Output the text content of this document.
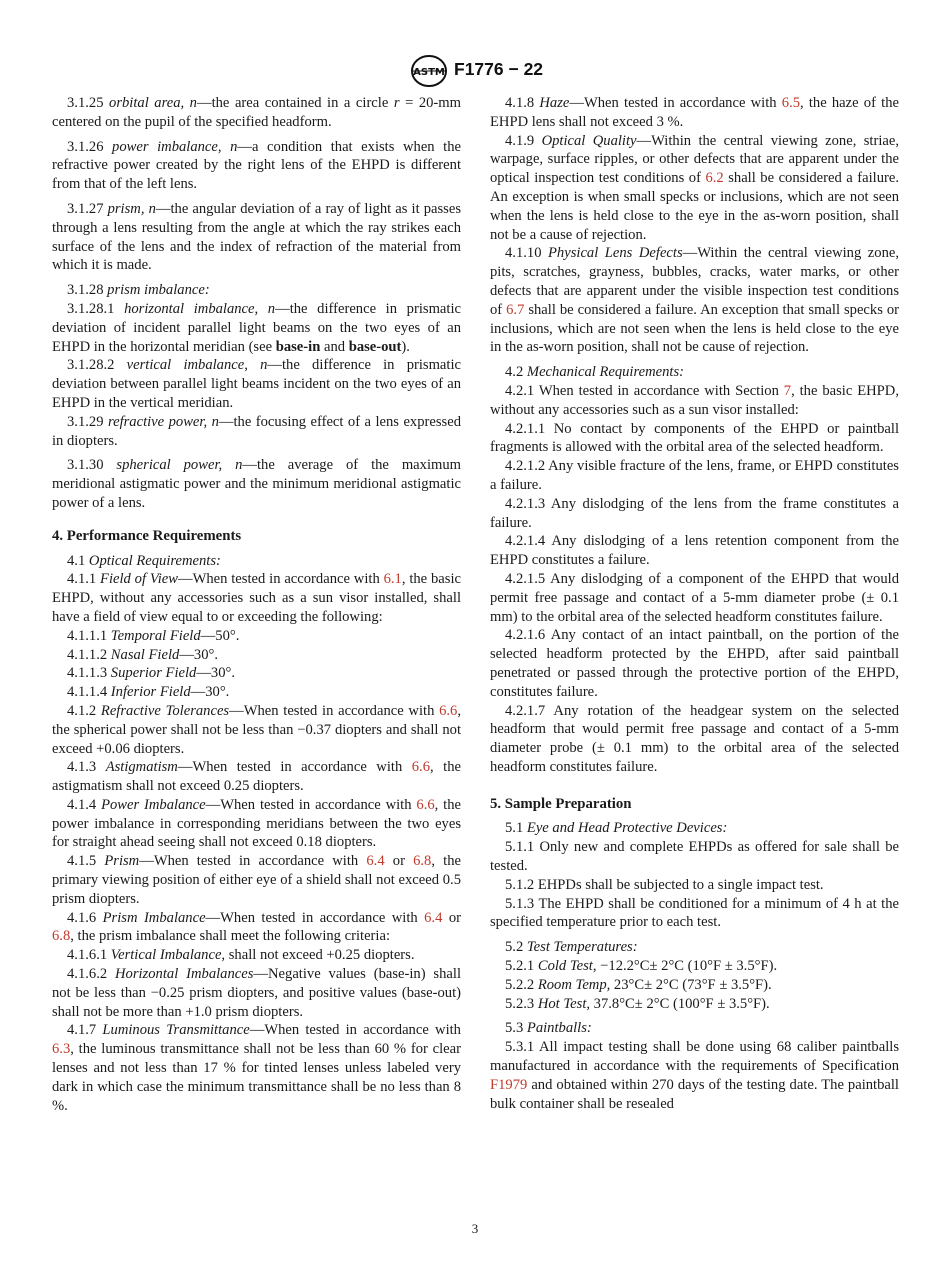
ASTM F1776 − 22

3.1.25 orbital area, n—the area contained in a circle r = 20-mm centered on the pupil of the specified headform.

3.1.26 power imbalance, n—a condition that exists when the refractive power created by the right lens of the EHPD is different from that of the left lens.

3.1.27 prism, n—the angular deviation of a ray of light as it passes through a lens resulting from the angle at which the ray strikes each surface of the lens and the index of refraction of the material from which it is made.

3.1.28 prism imbalance:

3.1.28.1 horizontal imbalance, n—the difference in prismatic deviation of incident parallel light beams on the two eyes of an EHPD in the horizontal meridian (see base-in and base-out).

3.1.28.2 vertical imbalance, n—the difference in prismatic deviation between parallel light beams incident on the two eyes of an EHPD in the vertical meridian.

3.1.29 refractive power, n—the focusing effect of a lens expressed in diopters.

3.1.30 spherical power, n—the average of the maximum meridional astigmatic power and the minimum meridional astigmatic power of a lens.

4. Performance Requirements

4.1 Optical Requirements:

4.1.1 Field of View—When tested in accordance with 6.1, the basic EHPD, without any accessories such as a sun visor installed, shall have a field of view equal to or exceeding the following:

4.1.1.1 Temporal Field—50°.

4.1.1.2 Nasal Field—30°.

4.1.1.3 Superior Field—30°.

4.1.1.4 Inferior Field—30°.

4.1.2 Refractive Tolerances—When tested in accordance with 6.6, the spherical power shall not be less than −0.37 diopters and shall not exceed +0.06 diopters.

4.1.3 Astigmatism—When tested in accordance with 6.6, the astigmatism shall not exceed 0.25 diopters.

4.1.4 Power Imbalance—When tested in accordance with 6.6, the power imbalance in corresponding meridians between the two eyes for straight ahead seeing shall not exceed 0.18 diopters.

4.1.5 Prism—When tested in accordance with 6.4 or 6.8, the primary viewing position of either eye of a shield shall not exceed 0.5 prism diopters.

4.1.6 Prism Imbalance—When tested in accordance with 6.4 or 6.8, the prism imbalance shall meet the following criteria:

4.1.6.1 Vertical Imbalance, shall not exceed +0.25 diopters.

4.1.6.2 Horizontal Imbalances—Negative values (base-in) shall not be less than −0.25 prism diopters, and positive values (base-out) shall not be more than +1.0 prism diopters.

4.1.7 Luminous Transmittance—When tested in accordance with 6.3, the luminous transmittance shall not be less than 60 % for clear lenses and not less than 17 % for tinted lenses unless labeled very dark in which case the minimum transmittance shall be no less than 8 %.

4.1.8 Haze—When tested in accordance with 6.5, the haze of the EHPD lens shall not exceed 3 %.

4.1.9 Optical Quality—Within the central viewing zone, striae, warpage, surface ripples, or other defects that are apparent under the optical inspection test conditions of 6.2 shall be considered a failure. An exception is when small specks or inclusions, which are not seen when the lens is held close to the eye in the as-worn position, shall not be a cause of rejection.

4.1.10 Physical Lens Defects—Within the central viewing zone, pits, scratches, grayness, bubbles, cracks, water marks, or other defects that are apparent under the visible inspection test conditions of 6.7 shall be considered a failure. An exception that small specks or inclusions, which are not seen when the lens is held close to the eye in the as-worn position, shall not be cause of rejection.

4.2 Mechanical Requirements:

4.2.1 When tested in accordance with Section 7, the basic EHPD, without any accessories such as a sun visor installed:

4.2.1.1 No contact by components of the EHPD or paintball fragments is allowed with the orbital area of the selected headform.

4.2.1.2 Any visible fracture of the lens, frame, or EHPD constitutes a failure.

4.2.1.3 Any dislodging of the lens from the frame constitutes a failure.

4.2.1.4 Any dislodging of a lens retention component from the EHPD constitutes a failure.

4.2.1.5 Any dislodging of a component of the EHPD that would permit free passage and contact of a 5-mm diameter probe (± 0.1 mm) to the orbital area of the selected headform constitutes failure.

4.2.1.6 Any contact of an intact paintball, on the portion of the selected headform protected by the EHPD, after said paintball penetrated or passed through the protective portion of the EHPD, constitutes failure.

4.2.1.7 Any rotation of the headgear system on the selected headform that would permit free passage and contact of a 5-mm diameter probe (± 0.1 mm) to the orbital area of the selected headform constitutes failure.

5. Sample Preparation

5.1 Eye and Head Protective Devices:

5.1.1 Only new and complete EHPDs as offered for sale shall be tested.

5.1.2 EHPDs shall be subjected to a single impact test.

5.1.3 The EHPD shall be conditioned for a minimum of 4 h at the specified temperature prior to each test.

5.2 Test Temperatures:

5.2.1 Cold Test, −12.2°C± 2°C (10°F ± 3.5°F).

5.2.2 Room Temp, 23°C± 2°C (73°F ± 3.5°F).

5.2.3 Hot Test, 37.8°C± 2°C (100°F ± 3.5°F).

5.3 Paintballs:

5.3.1 All impact testing shall be done using 68 caliber paintballs manufactured in accordance with the requirements of Specification F1979 and obtained within 270 days of the testing date. The paintball bulk container shall be resealed

3
